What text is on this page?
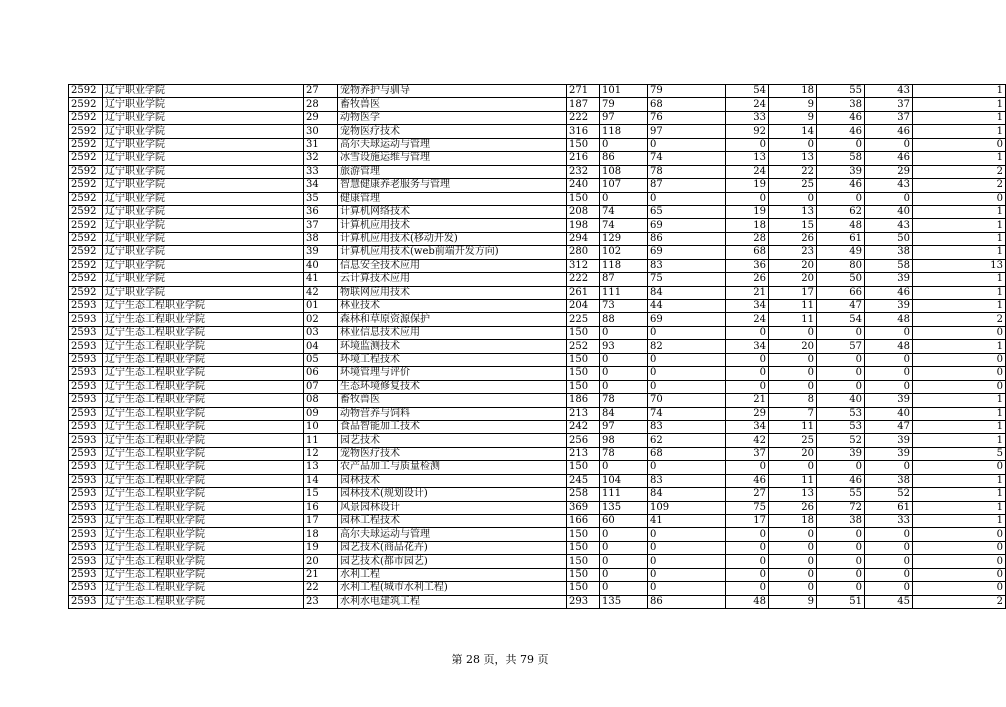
2592	辽宁职业学院	27	宠物养护与驯导	271	101	79	54	18	55	43	1
2592	辽宁职业学院	28	畜牧兽医	187	79	68	24	9	38	37	1
2592	辽宁职业学院	29	动物医学	222	97	76	33	9	46	37	1
2592	辽宁职业学院	30	宠物医疗技术	316	118	97	92	14	46	46	1
2592	辽宁职业学院	31	高尔夫球运动与管理	150	0	0	0	0	0	0	0
2592	辽宁职业学院	32	冰雪设施运维与管理	216	86	74	13	13	58	46	1
2592	辽宁职业学院	33	旅游管理	232	108	78	24	22	39	29	2
2592	辽宁职业学院	34	智慧健康养老服务与管理	240	107	87	19	25	46	43	2
2592	辽宁职业学院	35	健康管理	150	0	0	0	0	0	0	0
2592	辽宁职业学院	36	计算机网络技术	208	74	65	19	13	62	40	1
2592	辽宁职业学院	37	计算机应用技术	198	74	69	18	15	48	43	1
2592	辽宁职业学院	38	计算机应用技术(移动开发)	294	129	86	28	26	61	50	1
2592	辽宁职业学院	39	计算机应用技术(web前端开发方向)	280	102	69	68	23	49	38	1
2592	辽宁职业学院	40	信息安全技术应用	312	118	83	36	20	80	58	13
2592	辽宁职业学院	41	云计算技术应用	222	87	75	26	20	50	39	1
2592	辽宁职业学院	42	物联网应用技术	261	111	84	21	17	66	46	1
2593	辽宁生态工程职业学院	01	林业技术	204	73	44	34	11	47	39	1
2593	辽宁生态工程职业学院	02	森林和草原资源保护	225	88	69	24	11	54	48	2
2593	辽宁生态工程职业学院	03	林业信息技术应用	150	0	0	0	0	0	0	0
2593	辽宁生态工程职业学院	04	环境监测技术	252	93	82	34	20	57	48	1
2593	辽宁生态工程职业学院	05	环境工程技术	150	0	0	0	0	0	0	0
2593	辽宁生态工程职业学院	06	环境管理与评价	150	0	0	0	0	0	0	0
2593	辽宁生态工程职业学院	07	生态环境修复技术	150	0	0	0	0	0	0	0
2593	辽宁生态工程职业学院	08	畜牧兽医	186	78	70	21	8	40	39	1
2593	辽宁生态工程职业学院	09	动物营养与饲料	213	84	74	29	7	53	40	1
2593	辽宁生态工程职业学院	10	食品智能加工技术	242	97	83	34	11	53	47	1
2593	辽宁生态工程职业学院	11	园艺技术	256	98	62	42	25	52	39	1
2593	辽宁生态工程职业学院	12	宠物医疗技术	213	78	68	37	20	39	39	5
2593	辽宁生态工程职业学院	13	农产品加工与质量检测	150	0	0	0	0	0	0	0
2593	辽宁生态工程职业学院	14	园林技术	245	104	83	46	11	46	38	1
2593	辽宁生态工程职业学院	15	园林技术(规划设计)	258	111	84	27	13	55	52	1
2593	辽宁生态工程职业学院	16	风景园林设计	369	135	109	75	26	72	61	1
2593	辽宁生态工程职业学院	17	园林工程技术	166	60	41	17	18	38	33	1
2593	辽宁生态工程职业学院	18	高尔夫球运动与管理	150	0	0	0	0	0	0	0
2593	辽宁生态工程职业学院	19	园艺技术(商品花卉)	150	0	0	0	0	0	0	0
2593	辽宁生态工程职业学院	20	园艺技术(都市园艺)	150	0	0	0	0	0	0	0
2593	辽宁生态工程职业学院	21	水利工程	150	0	0	0	0	0	0	0
2593	辽宁生态工程职业学院	22	水利工程(城市水利工程)	150	0	0	0	0	0	0	0
2593	辽宁生态工程职业学院	23	水利水电建筑工程	293	135	86	48	9	51	45	2
第 28 页，共 79 页
